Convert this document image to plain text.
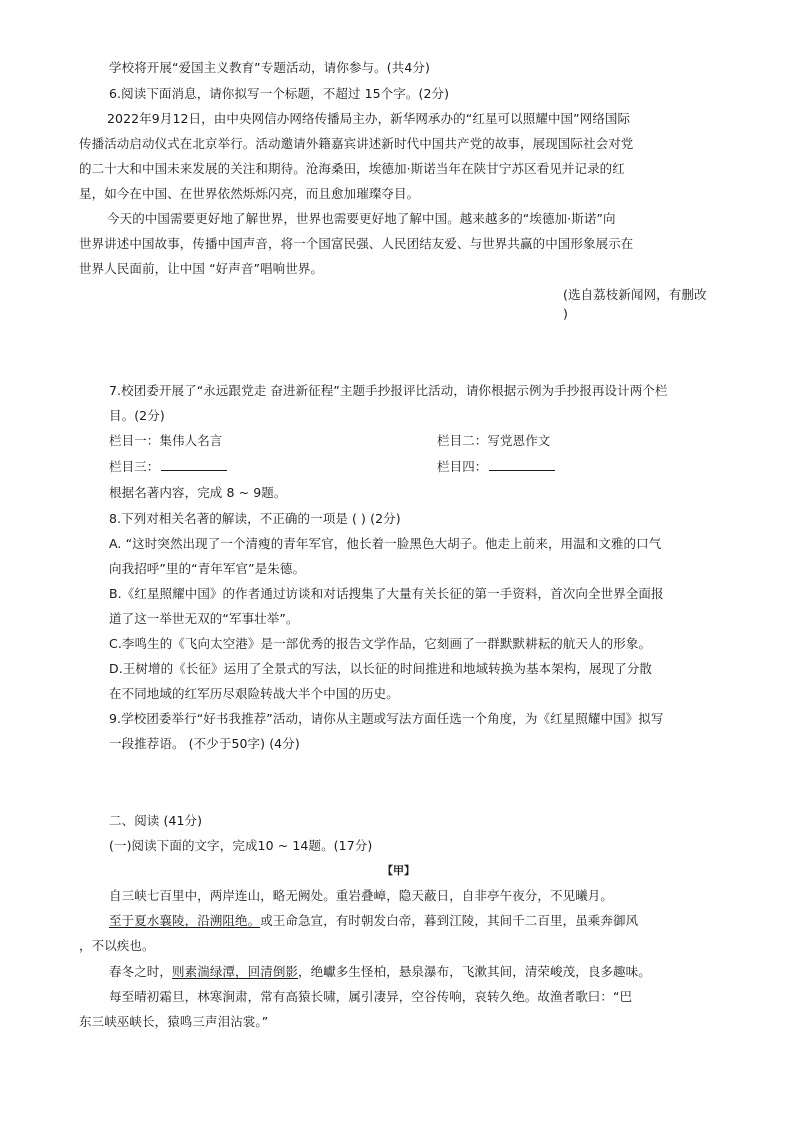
学校将开展“爱国主义教育”专题活动，请你参与。(共4分)
6.阅读下面消息，请你拟写一个标题，不超过 15个字。(2分)
2022年9月12日，由中央网信办网络传播局主办，新华网承办的“红星可以照耀中国”网络国际
传播活动启动仪式在北京举行。活动邀请外籍嘉宾讲述新时代中国共产党的故事，展现国际社会对党
的二十大和中国未来发展的关注和期待。沧海桑田，埃德加·斯诺当年在陕甘宁苏区看见并记录的红
星，如今在中国、在世界依然烁烁闪亮，而且愈加璀璨夺目。
今天的中国需要更好地了解世界，世界也需要更好地了解中国。越来越多的“埃德加·斯诺”向
世界讲述中国故事，传播中国声音，将一个国富民强、人民团结友爱、与世界共赢的中国形象展示在
世界人民面前，让中国 “好声音”唱响世界。
(选自荔枝新闻网，有删改
)
7.校团委开展了“永远跟党走 奋进新征程”主题手抄报评比活动，请你根据示例为手抄报再设计两个栏
目。(2分)
栏目一：集伟人名言	栏目二：写党恩作文
栏目三：	栏目四：
根据名著内容，完成 8 ~ 9题。
8.下列对相关名著的解读，不正确的一项是 ( ) (2分)
A. “这时突然出现了一个清瘦的青年军官，他长着一脸黑色大胡子。他走上前来，用温和文雅的口气
向我招呼”里的“青年军官”是朱德。
B.《红星照耀中国》的作者通过访谈和对话搜集了大量有关长征的第一手资料，首次向全世界全面报
道了这一举世无双的“军事壮举”。
C.李鸣生的《飞向太空港》是一部优秀的报告文学作品，它刻画了一群默默耕耘的航天人的形象。
D.王树增的《长征》运用了全景式的写法，以长征的时间推进和地域转换为基本架构，展现了分散
在不同地域的红军历尽艰险转战大半个中国的历史。
9.学校团委举行“好书我推荐”活动，请你从主题或写法方面任选一个角度，为《红星照耀中国》拟写
一段推荐语。 (不少于50字) (4分)
二、阅读 (41分)
(一)阅读下面的文字，完成10 ~ 14题。(17分)
【甲】
自三峡七百里中，两岸连山，略无阙处。重岩叠嶂，隐天蔽日，自非亭午夜分，不见曦月。
至于夏水襄陵，沿溯阻绝。或王命急宣，有时朝发白帝，暮到江陵，其间千二百里，虽乘奔御风
，不以疾也。
春冬之时，则素湍绿潭，回清倒影，绝巘多生怪柏，悬泉瀑布，飞漱其间，清荣峻茂，良多趣味。
每至晴初霜旦，林寒涧肃，常有高猿长啸，属引凄异，空谷传响，哀转久绝。故渔者歌曰：“巴
东三峡巫峡长，猿鸣三声泪沾裳。”
